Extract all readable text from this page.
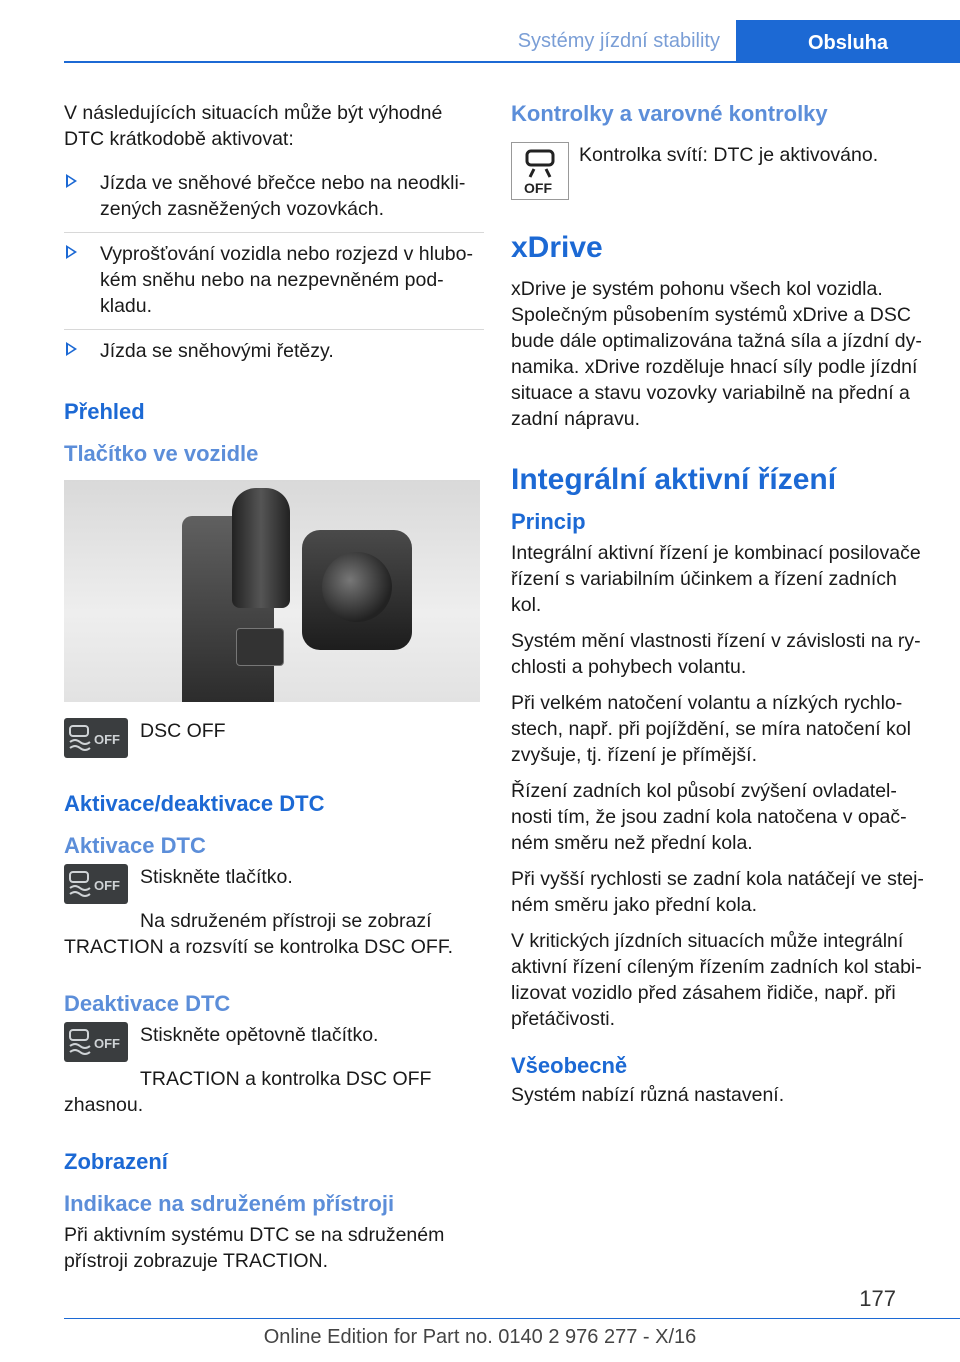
Systémy jízdní stability	Obsluha

V následujících situacích může být výhodné DTC krátkodobě aktivovat:

Jízda ve sněhové břečce nebo na neodklizených zasněžených vozovkách.
Vyprošťování vozidla nebo rozjezd v hlubokém sněhu nebo na nezpevněném podkladu.
Jízda se sněhovými řetězy.
Přehled
Tlačítko ve vozidle
OFF DSC OFF

Aktivace/deaktivace DTC
Aktivace DTC
OFF Stiskněte tlačítko.

Na sdruženém přístroji se zobrazí TRACTION a rozsvítí se kontrolka DSC OFF.

Deaktivace DTC
OFF Stiskněte opětovně tlačítko.

TRACTION a kontrolka DSC OFF zhasnou.

Zobrazení
Indikace na sdruženém přístroji

Při aktivním systému DTC se na sdruženém přístroji zobrazuje TRACTION.

Kontrolky a varovné kontrolky
OFF

Kontrolka svítí: DTC je aktivováno.

xDrive

xDrive je systém pohonu všech kol vozidla. Společným působením systémů xDrive a DSC bude dále optimalizována tažná síla a jízdní dynamika. xDrive rozděluje hnací síly podle jízdní situace a stavu vozovky variabilně na přední a zadní nápravu.

Integrální aktivní řízení
Princip

Integrální aktivní řízení je kombinací posilovače řízení s variabilním účinkem a řízení zadních kol.

Systém mění vlastnosti řízení v závislosti na rychlosti a pohybech volantu.

Při velkém natočení volantu a nízkých rychlostech, např. při pojíždění, se míra natočení kol zvyšuje, tj. řízení je přímější.

Řízení zadních kol působí zvýšení ovladatelnosti tím, že jsou zadní kola natočena v opačném směru než přední kola.

Při vyšší rychlosti se zadní kola natáčejí ve stejném směru jako přední kola.

V kritických jízdních situacích může integrální aktivní řízení cíleným řízením zadních kol stabilizovat vozidlo před zásahem řidiče, např. při přetáčivosti.

Všeobecně

Systém nabízí různá nastavení.

177
Online Edition for Part no. 0140 2 976 277 - X/16
